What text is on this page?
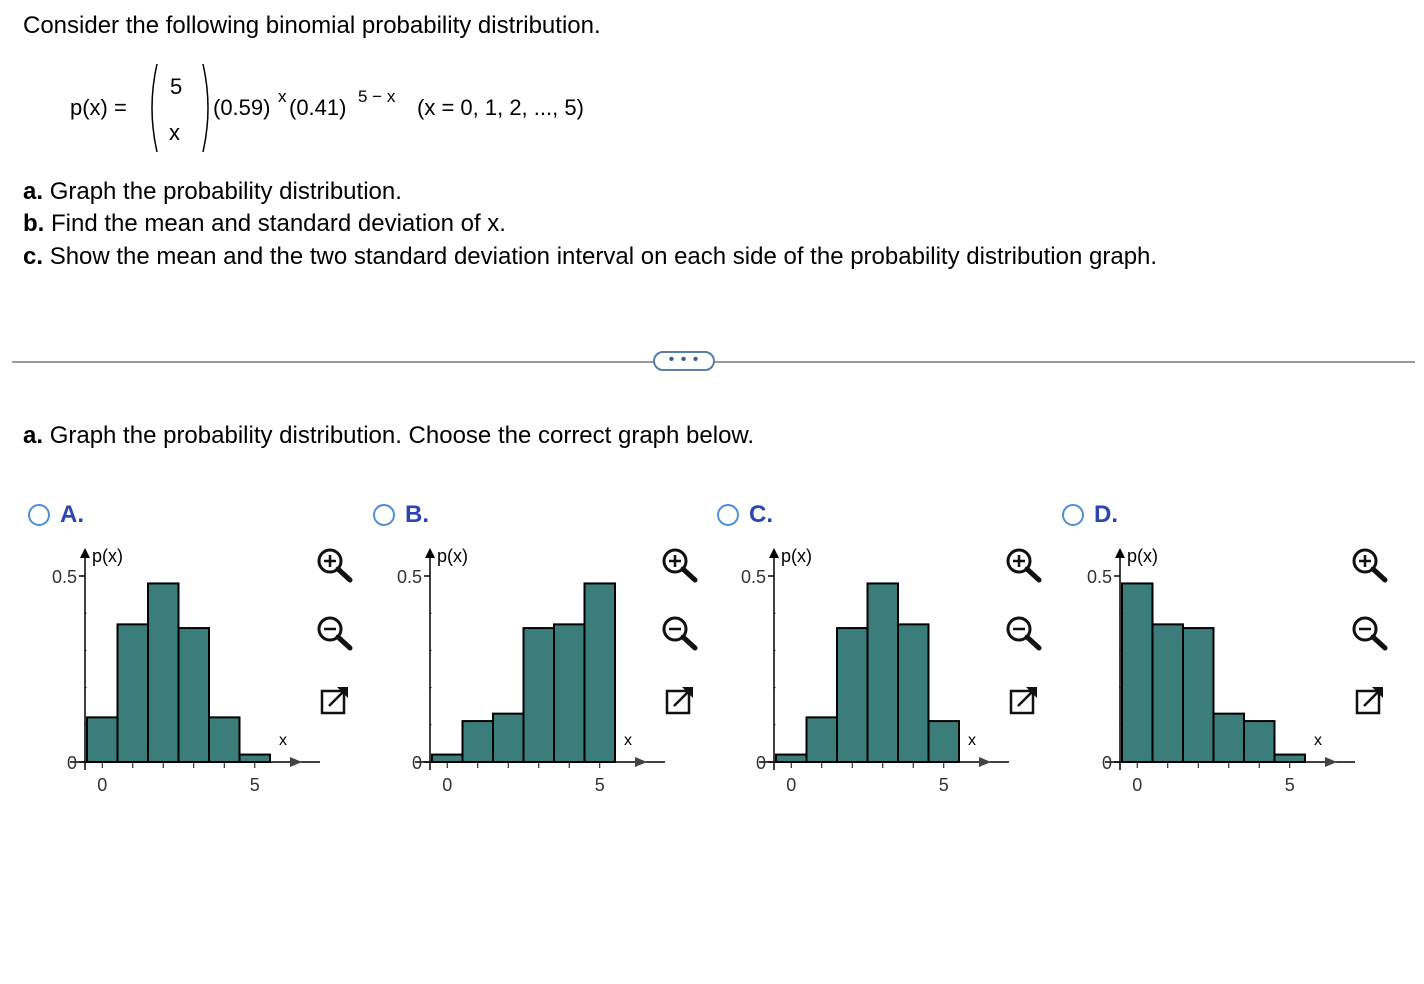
Consider the following binomial probability distribution.
p(x) =
5
x
(0.59) x (0.41) 5 − x (x = 0, 1, 2, ..., 5)
a. Graph the probability distribution.
b. Find the mean and standard deviation of x.
c. Show the mean and the two standard deviation interval on each side of the probability distribution graph.
• • •
a. Graph the probability distribution. Choose the correct graph below.
A.	B.	C.	D.
p(x)
x
0.5
0
0	5
p(x)
x
0.5
0
0	5
p(x)
x
0.5
0
0	5
p(x)
x
0.5
0
0	5
